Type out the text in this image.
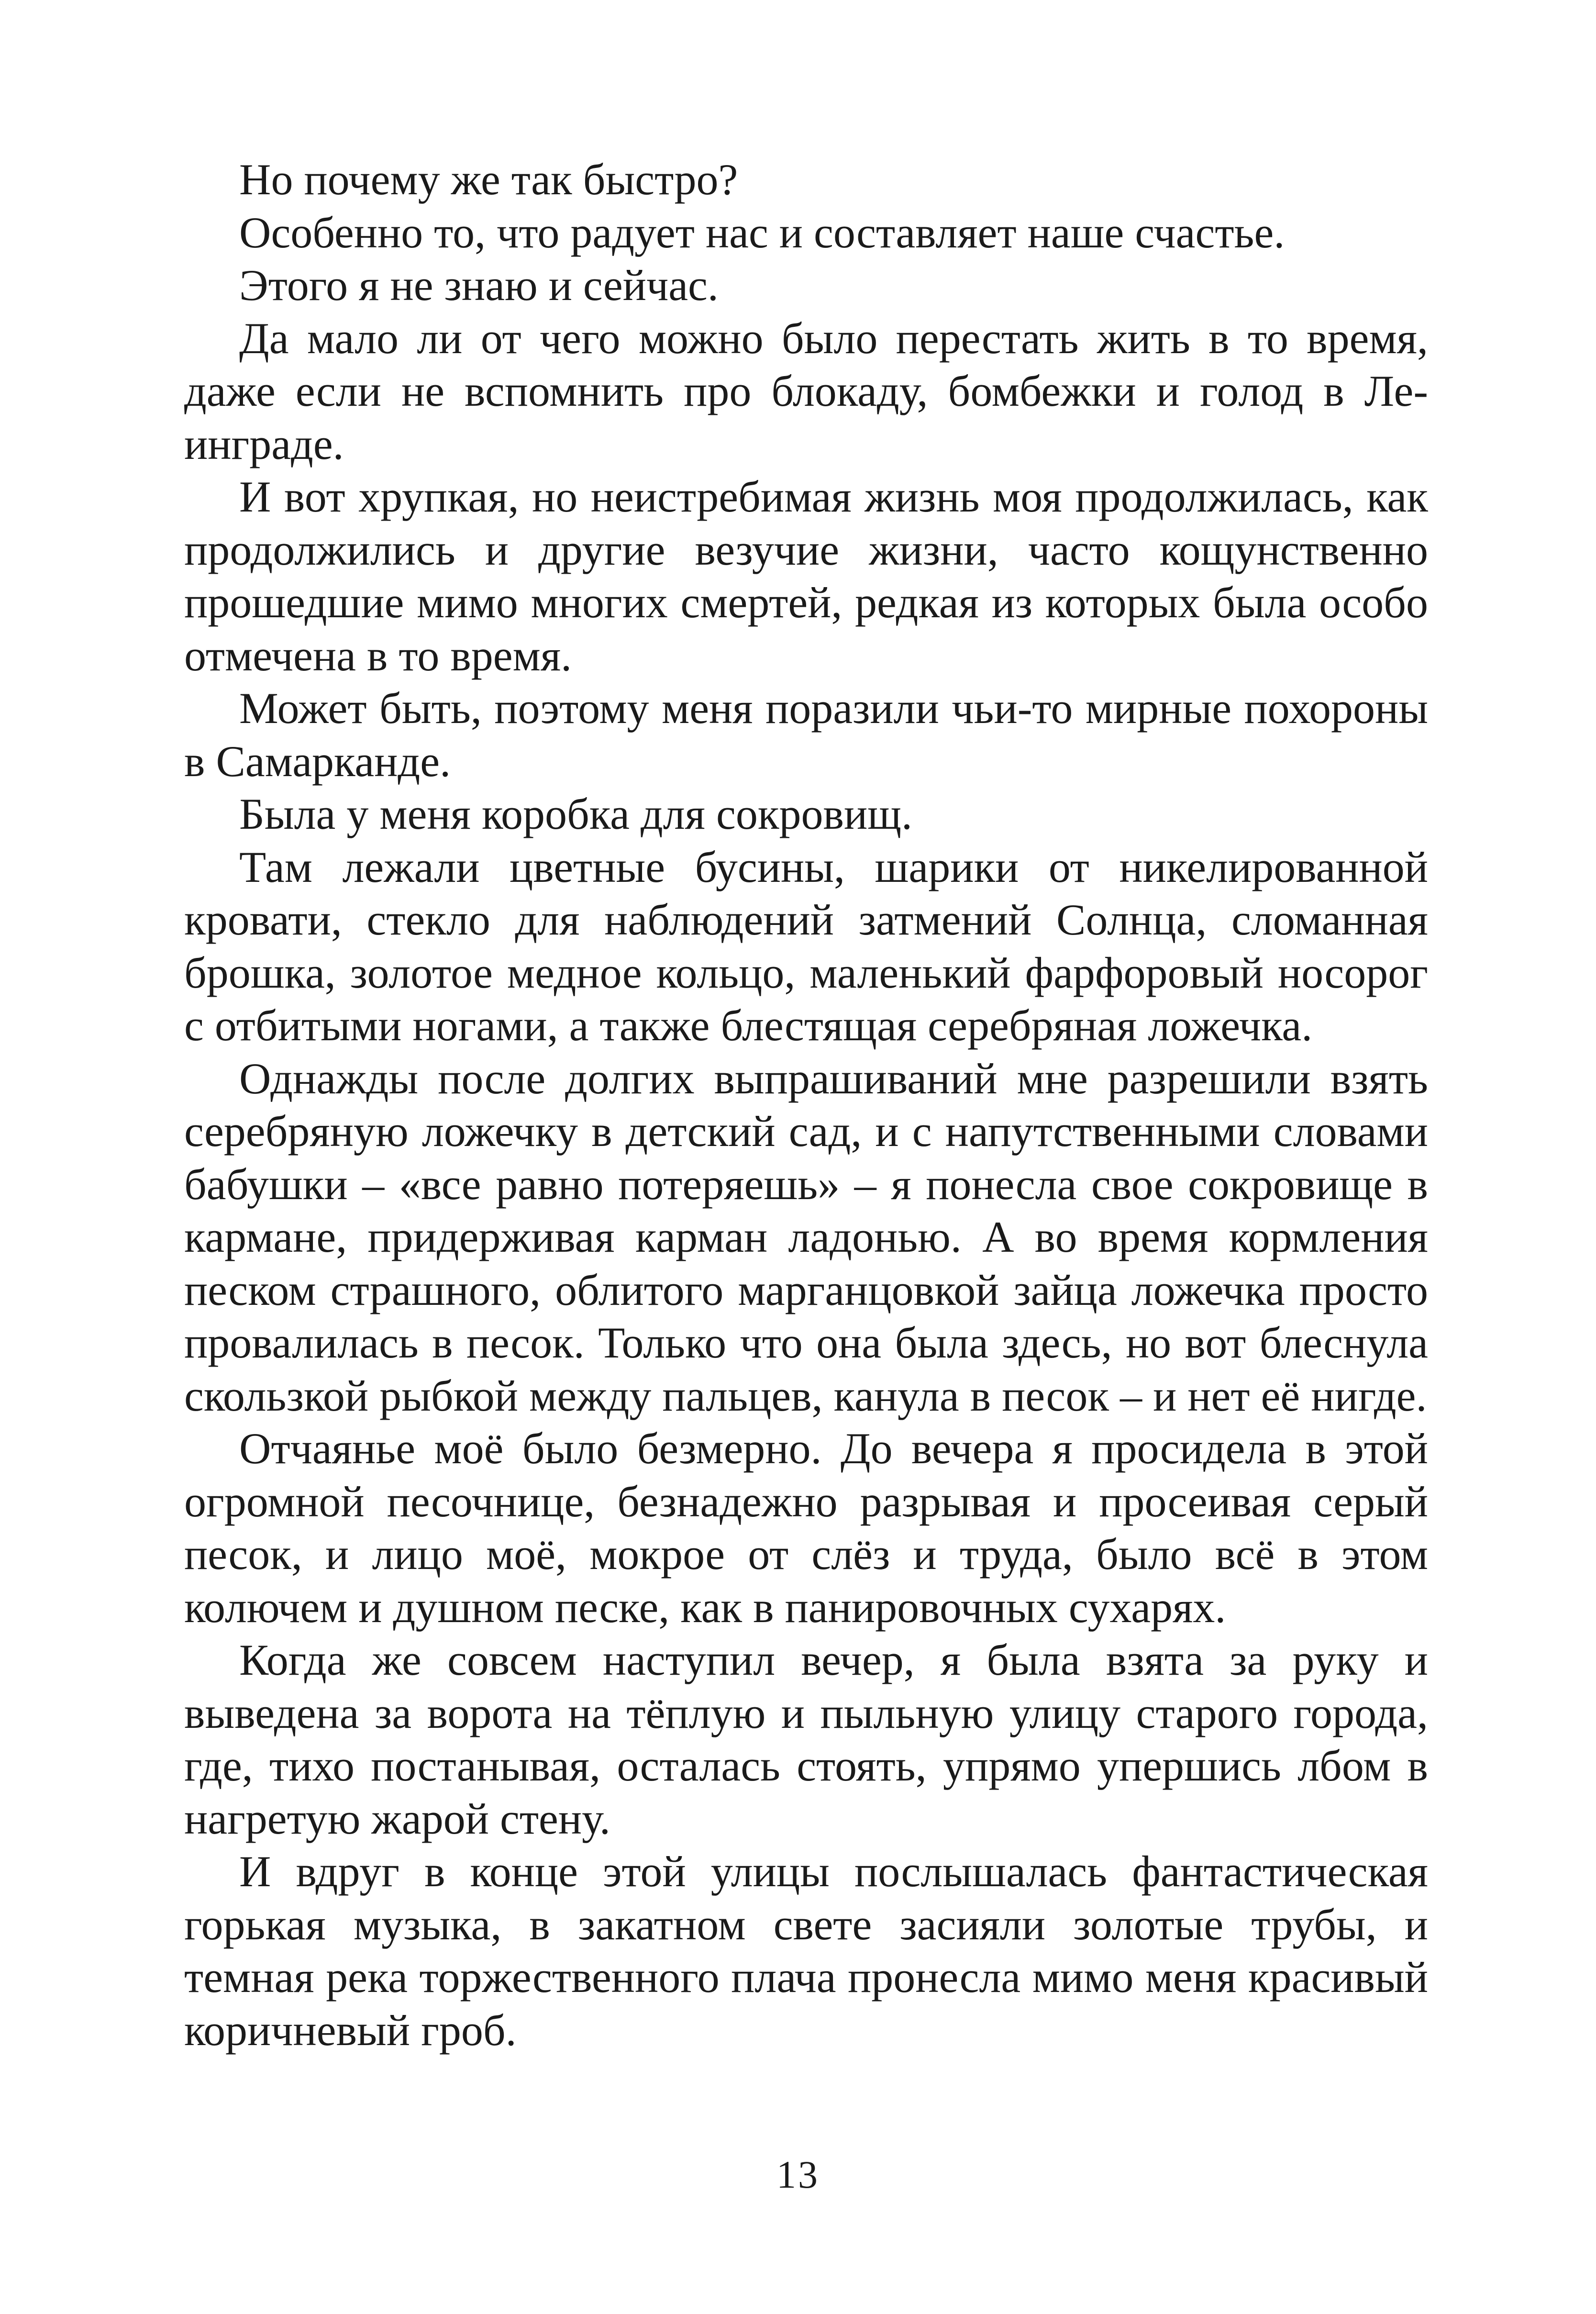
Но почему же так быстро?

Особенно то, что радует нас и составляет наше счастье.

Этого я не знаю и сейчас.

Да мало ли от чего можно было перестать жить в то время, даже если не вспомнить про блокаду, бомбежки и голод в Леинграде.

И вот хрупкая, но неистребимая жизнь моя продолжилась, как продолжились и другие везучие жизни, часто кощунственно прошедшие мимо многих смертей, редкая из которых была особо отмечена в то время.

Может быть, поэтому меня поразили чьи-то мирные похороны в Самарканде.

Была у меня коробка для сокровищ.

Там лежали цветные бусины, шарики от никелированной кровати, стекло для наблюдений затмений Солнца, сломанная брошка, золотое медное кольцо, маленький фарфоровый носорог с отбитыми ногами, а также блестящая серебряная ложечка.

Однажды после долгих выпрашиваний мне разрешили взять серебряную ложечку в детский сад, и с напутственными словами бабушки – «все равно потеряешь» – я понесла свое сокровище в кармане, придерживая карман ладонью. А во время кормления песком страшного, облитого марганцовкой зайца ложечка просто провалилась в песок. Только что она была здесь, но вот блеснула скользкой рыбкой между пальцев, канула в песок – и нет её нигде.

Отчаянье моё было безмерно. До вечера я просидела в этой огромной песочнице, безнадежно разрывая и просеивая серый песок, и лицо моё, мокрое от слёз и труда, было всё в этом колючем и душном песке, как в панировочных сухарях.

Когда же совсем наступил вечер, я была взята за руку и выведена за ворота на тёплую и пыльную улицу старого города, где, тихо постанывая, осталась стоять, упрямо упершись лбом в нагретую жарой стену.

И вдруг в конце этой улицы послышалась фантастическая горькая музыка, в закатном свете засияли золотые трубы, и темная река торжественного плача пронесла мимо меня красивый коричневый гроб.

13
